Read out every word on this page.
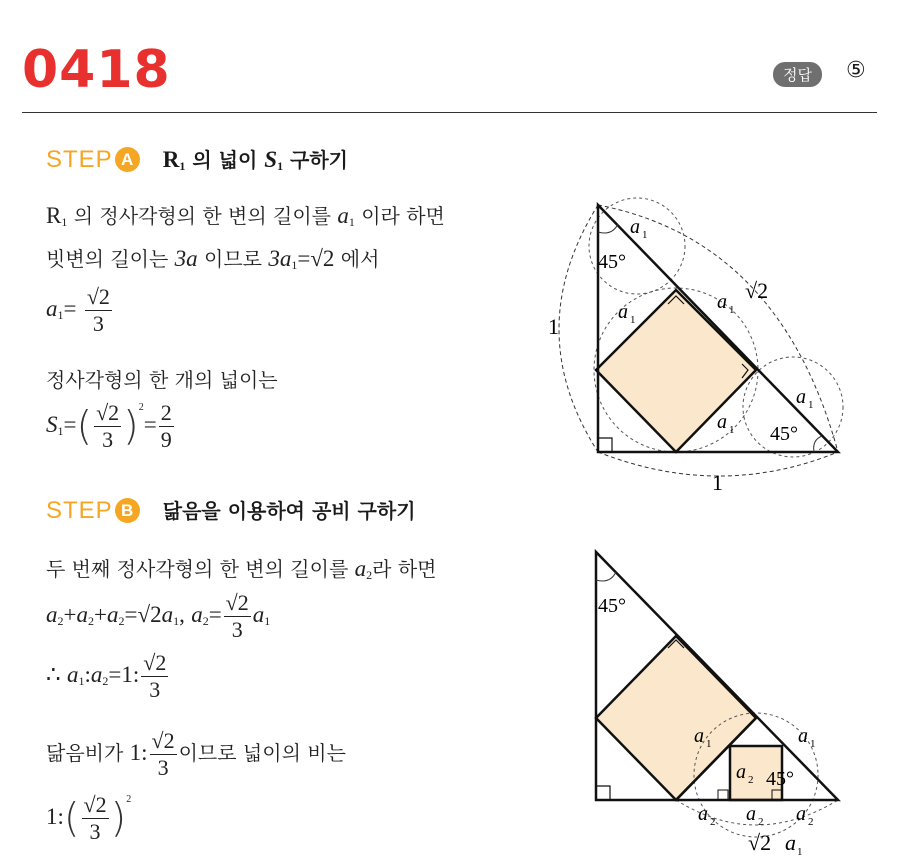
0418	정답	⑤
STEP A $R_1$ 의 넓이 $S_1$ 구하기
$R_1$ 의 정사각형의 한 변의 길이를 $a_1$ 이라 하면
빗변의 길이는 3a 이므로 $3a_1=√2$ 에서
$a_1= \frac{√2}{3}$
정사각형의 한 개의 넓이는
$S_1=( \frac{√2}{3} )^2= \frac{2}{9}$
STEP B 닮음을 이용하여 공비 구하기
두 번째 정사각형의 한 변의 길이를 $a_2$라 하면
$a_2+a_2+a_2=√2a_1$, $a_2= \frac{√2}{3} a_1$
∴ $a_1:a_2=1$: $\frac{√2}{3}$
닮음비가 1: $\frac{√2}{3}$ 이므로 넓이의 비는
1:( $\frac{√2}{3} )^2$
45°
45°
1
1
√2
a 1
a 1
a 1
a 1
a 1
45°
45°
a 1	a 1
a 2
a 2 a 2 a 2
√2 a 1
